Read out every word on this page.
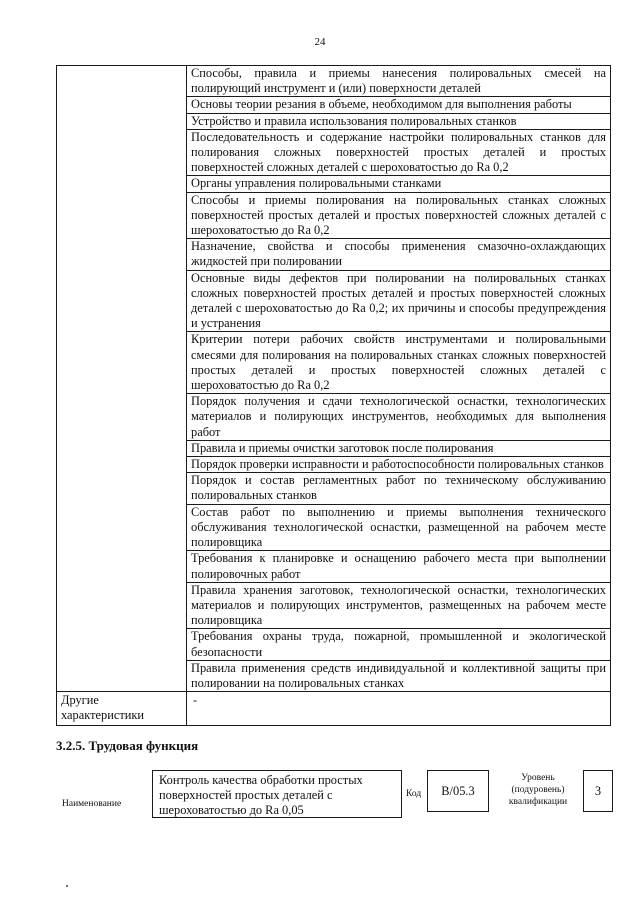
24
	Способы, правила и приемы нанесения полировальных смесей на полирующий инструмент и (или) поверхности деталей
	Основы теории резания в объеме, необходимом для выполнения работы
	Устройство и правила использования полировальных станков
	Последовательность и содержание настройки полировальных станков для полирования сложных поверхностей простых деталей и простых поверхностей сложных деталей с шероховатостью до Ra 0,2
	Органы управления полировальными станками
	Способы и приемы полирования на полировальных станках сложных поверхностей простых деталей и простых поверхностей сложных деталей с шероховатостью до Ra 0,2
	Назначение, свойства и способы применения смазочно-охлаждающих жидкостей при полировании
	Основные виды дефектов при полировании на полировальных станках сложных поверхностей простых деталей и простых поверхностей сложных деталей с шероховатостью до Ra 0,2; их причины и способы предупреждения и устранения
	Критерии потери рабочих свойств инструментами и полировальными смесями для полирования на полировальных станках сложных поверхностей простых деталей и простых поверхностей сложных деталей с шероховатостью до Ra 0,2
	Порядок получения и сдачи технологической оснастки, технологических материалов и полирующих инструментов, необходимых для выполнения работ
	Правила и приемы очистки заготовок после полирования
	Порядок проверки исправности и работоспособности полировальных станков
	Порядок и состав регламентных работ по техническому обслуживанию полировальных станков
	Состав работ по выполнению и приемы выполнения технического обслуживания технологической оснастки, размещенной на рабочем месте полировщика
	Требования к планировке и оснащению рабочего места при выполнении полировочных работ
	Правила хранения заготовок, технологической оснастки, технологических материалов и полирующих инструментов, размещенных на рабочем месте полировщика
	Требования охраны труда, пожарной, промышленной и экологической безопасности
	Правила применения средств индивидуальной и коллективной защиты при полировании на полировальных станках
Другие характеристики	-
3.2.5. Трудовая функция
Наименование
Контроль качества обработки простых поверхностей простых деталей с шероховатостью до Ra 0,05
Код	В/05.3
Уровень (подуровень) квалификации
3
